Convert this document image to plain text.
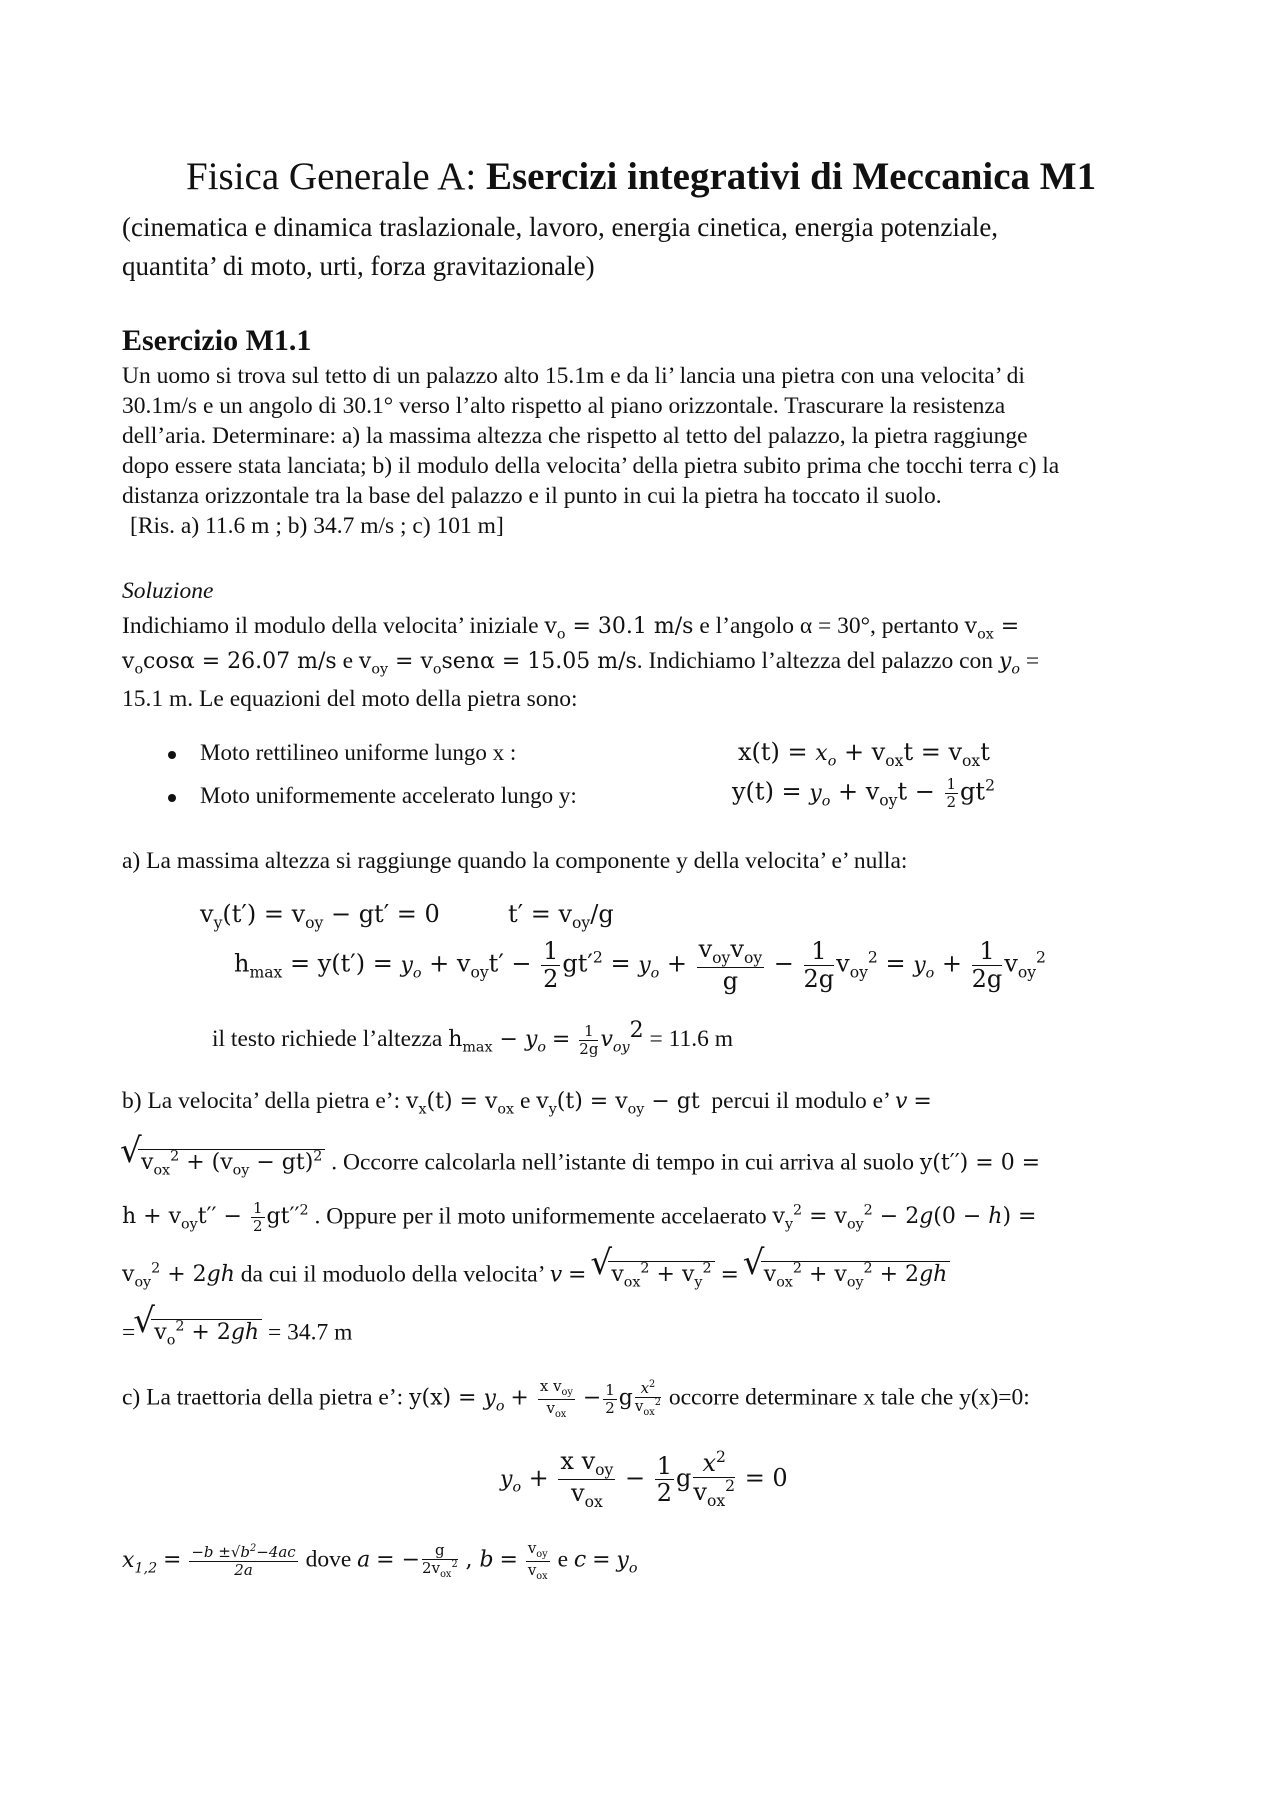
Fisica Generale A: Esercizi integrativi di Meccanica M1
(cinematica e dinamica traslazionale, lavoro, energia cinetica, energia potenziale,
quantita’ di moto, urti, forza gravitazionale)
Esercizio M1.1
Un uomo si trova sul tetto di un palazzo alto 15.1m e da li’ lancia una pietra con una velocita’ di
30.1m/s e un angolo di 30.1° verso l’alto rispetto al piano orizzontale. Trascurare la resistenza
dell’aria. Determinare: a) la massima altezza che rispetto al tetto del palazzo, la pietra raggiunge
dopo essere stata lanciata; b) il modulo della velocita’ della pietra subito prima che tocchi terra c) la
distanza orizzontale tra la base del palazzo e il punto in cui la pietra ha toccato il suolo.
[Ris. a) 11.6 m ; b) 34.7 m/s ; c) 101 m]
Soluzione
Indichiamo il modulo della velocita’ iniziale $v_o = 30.1$ m/s e l’angolo α = 30°, pertanto $v_{ox}$ =
$v_o\cos\alpha = 26.07$ m/s e $v_{oy} = v_osen\alpha = 15.05$ m/s. Indichiamo l’altezza del palazzo con $y_o$ =
15.1 m. Le equazioni del moto della pietra sono:
Moto rettilineo uniforme lungo x :	$x(t) = x_o + v_{ox}t = v_{ox}t$
Moto uniformemente accelerato lungo y:	$y(t) = y_o + v_{oy}t - \frac{1}{2} gt^2$
a) La massima altezza si raggiunge quando la componente y della velocita’ e’ nulla:
$v_y(t') = v_{oy} - gt' = 0$	$t' = v_{oy}/g$
$h_{max} = y(t') = y_o + v_{oy}t' - \frac{1}{2} gt'^2 = y_o + \frac{v_{oy}v_{oy}}{g} - \frac{1}{2g} v_{oy}^2 = y_o + \frac{1}{2g} v_{oy}^2$
il testo richiede l’altezza $h_{max} - y_o = \frac{1}{2g} v_{oy}^2 = 11.6$ m
b) La velocita’ della pietra e’: $v_x(t) = v_{ox}$ e $v_y(t) = v_{oy}$ − gt percui il modulo e’ v =
√ $v_{ox}^2 + (v_{oy} - gt)^2$ . Occorre calcolarla nell’istante di tempo in cui arriva al suolo y(t′′) = 0 =
$h + v_{oy}t'' - \frac{1}{2} gt''^2$ . Oppure per il moto uniformemente accelaerato $v_y^2 = v_{oy}^2 - 2g(0 - h)$ =
$v_{oy}^2 + 2gh$ da cui il moduolo della velocita’ v = √ $v_{ox}^2 + v_y^2$ = √ $v_{ox}^2 + v_{oy}^2 + 2gh$
= √ $v_o^2 + 2gh = 34.7$ m
c) La traettoria della pietra e’: $y(x) = y_o + \frac{x v_{oy}}{v_{ox}} - \frac{1}{2}$ g $\frac{x^2}{v_{ox}^2}$ occorre determinare x tale che y(x)=0:
$y_o + \frac{x v_{oy}}{v_{ox}} - \frac{1}{2}$ g $\frac{x^2}{v_{ox}^2} = 0$
$x_{1,2} = \frac{-b \pm√b^2-4ac}{2a}$ dove a = − $\frac{g}{2v_{ox}^2}$ , $b = \frac{v_{oy}}{v_{ox}}$ e $c = y_o$
